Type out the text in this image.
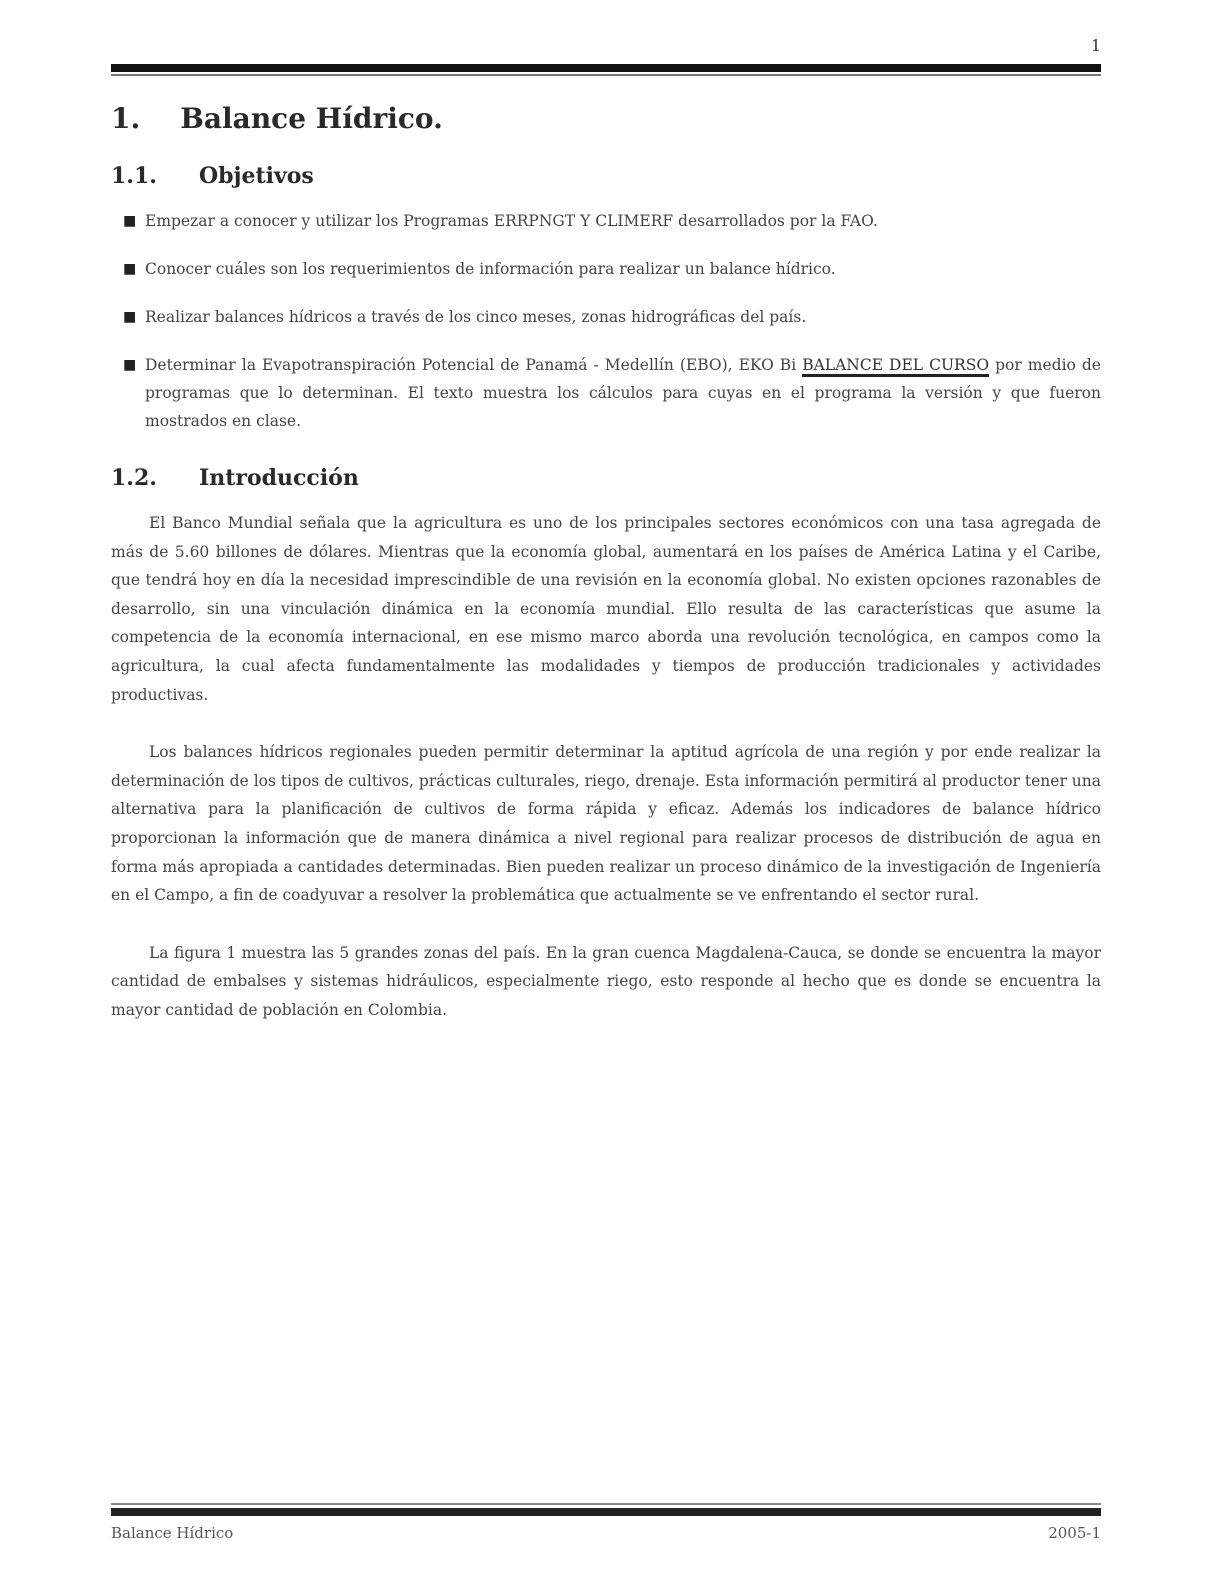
1
1. Balance Hídrico.
1.1. Objetivos
■ Empezar a conocer y utilizar los Programas ERRPNGT Y CLIMERF desarrollados por la FAO.
■ Conocer cuáles son los requerimientos de información para realizar un balance hídrico.
■ Realizar balances hídricos a través de los cinco meses, zonas hidrográficas del país.
■ Determinar la Evapotranspiración Potencial de Panamá - Medellín (EBO), EKO Bi BALANCE DEL CURSO por medio de programas que lo determinan. El texto muestra los cálculos para cuyas en el programa la versión y que fueron mostrados en clase.
1.2. Introducción

El Banco Mundial señala que la agricultura es uno de los principales sectores económicos con una tasa agregada de más de 5.60 billones de dólares. Mientras que la economía global, aumentará en los países de América Latina y el Caribe, que tendrá hoy en día la necesidad imprescindible de una revisión en la economía global. No existen opciones razonables de desarrollo, sin una vinculación dinámica en la economía mundial. Ello resulta de las características que asume la competencia de la economía internacional, en ese mismo marco aborda una revolución tecnológica, en campos como la agricultura, la cual afecta fundamentalmente las modalidades y tiempos de producción tradicionales y actividades productivas.

Los balances hídricos regionales pueden permitir determinar la aptitud agrícola de una región y por ende realizar la determinación de los tipos de cultivos, prácticas culturales, riego, drenaje. Esta información permitirá al productor tener una alternativa para la planificación de cultivos de forma rápida y eficaz. Además los indicadores de balance hídrico proporcionan la información que de manera dinámica a nivel regional para realizar procesos de distribución de agua en forma más apropiada a cantidades determinadas. Bien pueden realizar un proceso dinámico de la investigación de Ingeniería en el Campo, a fin de coadyuvar a resolver la problemática que actualmente se ve enfrentando el sector rural.

La figura 1 muestra las 5 grandes zonas del país. En la gran cuenca Magdalena-Cauca, se donde se encuentra la mayor cantidad de embalses y sistemas hidráulicos, especialmente riego, esto responde al hecho que es donde se encuentra la mayor cantidad de población en Colombia.

Balance Hídrico	2005-1
